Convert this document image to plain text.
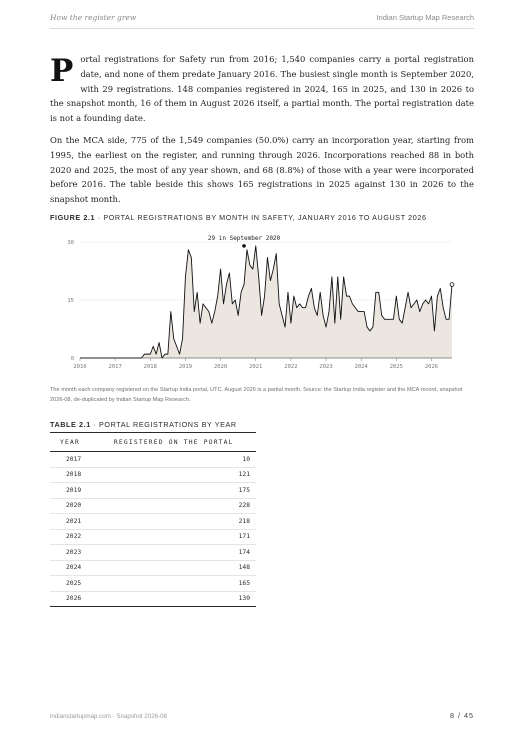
How the register grew	Indian Startup Map Research

Portal registrations for Safety run from 2016; 1,540 companies carry a portal registration date, and none of them predate January 2016. The busiest single month is September 2020, with 29 registrations. 148 companies registered in 2024, 165 in 2025, and 130 in 2026 to the snapshot month, 16 of them in August 2026 itself, a partial month. The portal registration date is not a founding date.

On the MCA side, 775 of the 1,549 companies (50.0%) carry an incorporation year, starting from 1995, the earliest on the register, and running through 2026. Incorporations reached 88 in both 2020 and 2025, the most of any year shown, and 68 (8.8%) of those with a year were incorporated before 2016. The table beside this shows 165 registrations in 2025 against 130 in 2026 to the snapshot month.

FIGURE 2.1 · PORTAL REGISTRATIONS BY MONTH IN SAFETY, JANUARY 2016 TO AUGUST 2026
0
15
30
2016	2017	2018	2019	2020	2021	2022	2023	2024	2025	2026
29 in September 2020

The month each company registered on the Startup India portal, UTC. August 2026 is a partial month. Source: the Startup India register and the MCA record, snapshot 2026-08, de-duplicated by Indian Startup Map Research.

TABLE 2.1 · PORTAL REGISTRATIONS BY YEAR
YEAR	REGISTERED ON THE PORTAL
2017	10
2018	121
2019	175
2020	228
2021	218
2022	171
2023	174
2024	148
2025	165
2026	130
indianstartupmap.com · Snapshot 2026-08	8 / 45
